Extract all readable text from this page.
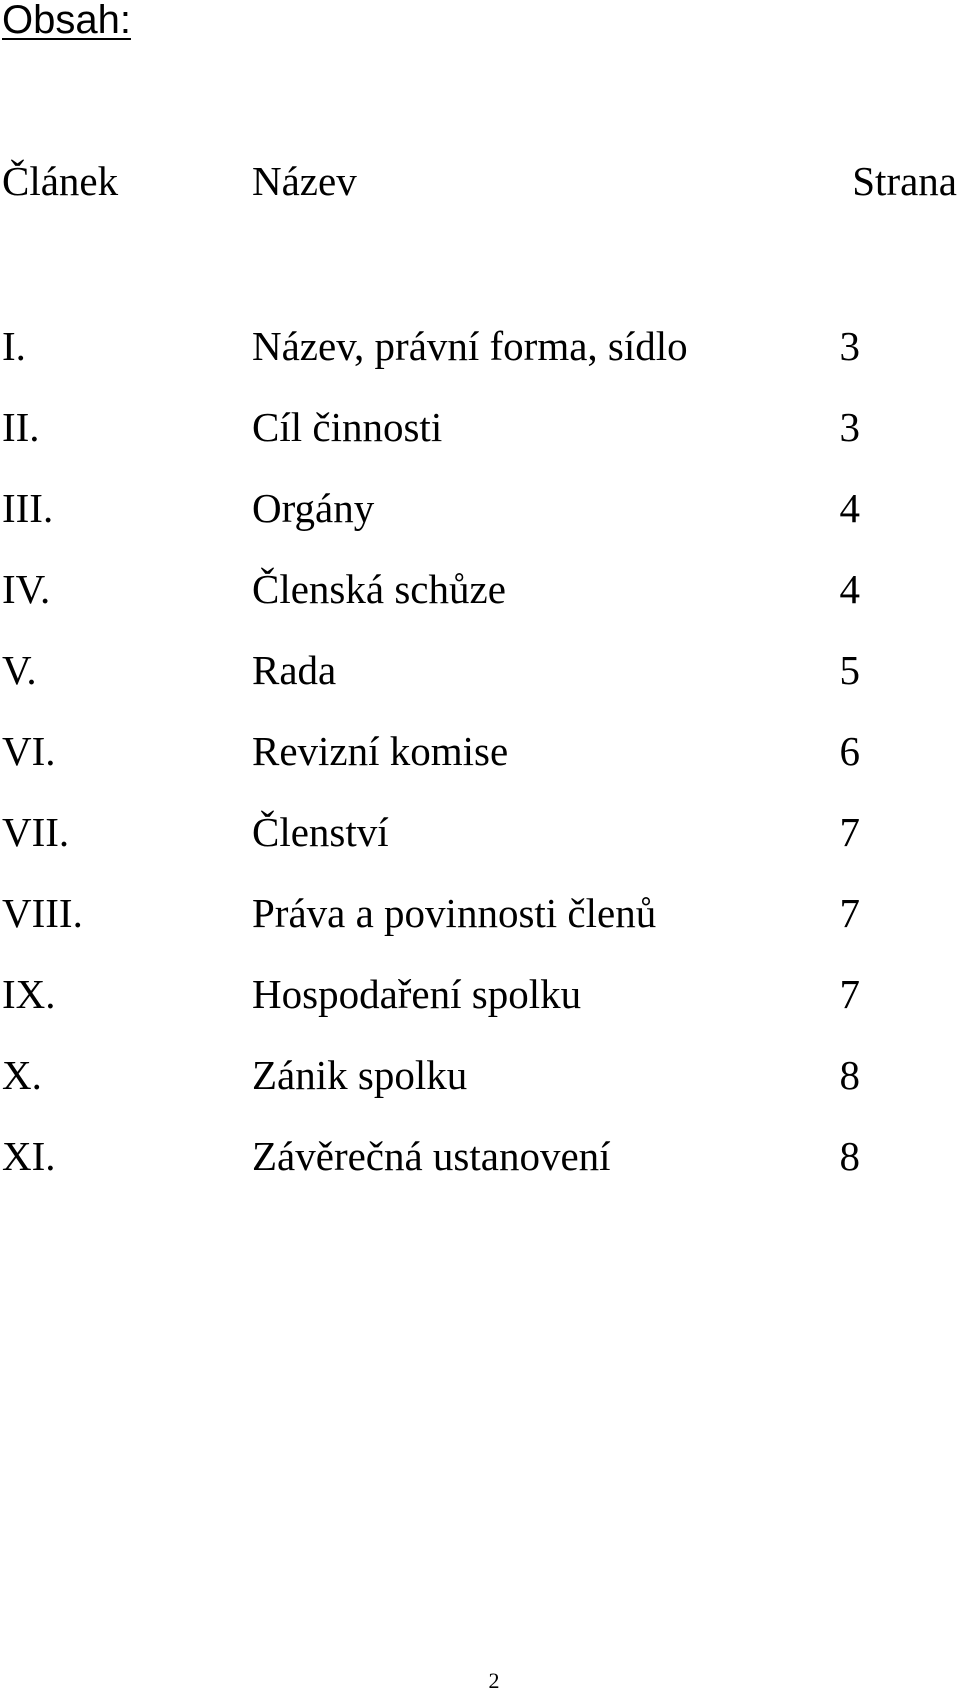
Obsah:
Článek	Název	Strana
I.	Název, právní forma, sídlo	3
II.	Cíl činnosti	3
III.	Orgány	4
IV.	Členská schůze	4
V.	Rada	5
VI.	Revizní komise	6
VII.	Členství	7
VIII.	Práva a povinnosti členů	7
IX.	Hospodaření spolku	7
X.	Zánik spolku	8
XI.	Závěrečná ustanovení	8
2
